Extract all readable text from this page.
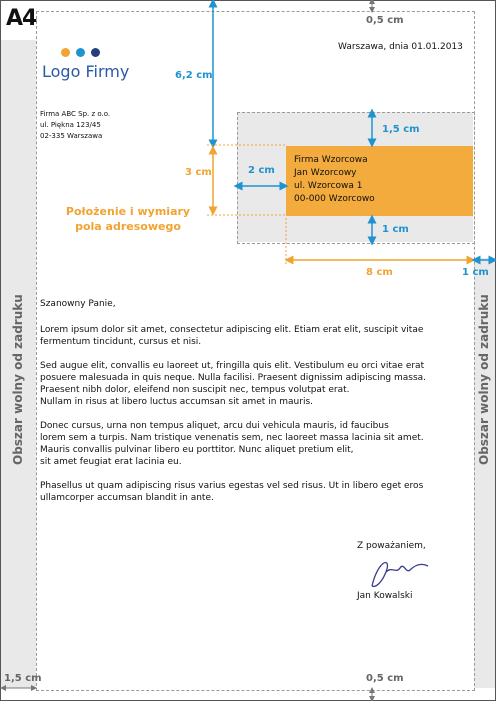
A4
Logo Firmy
Firma ABC Sp. z o.o.
ul. Piękna 123/45
02-335 Warszawa
Warszawa, dnia 01.01.2013
Firma Wzorcowa
Jan Wzorcowy
ul. Wzorcowa 1
00-000 Wzorcowo
Położenie i wymiary
pola adresowego
0,5 cm
6,2 cm
3 cm
1,5 cm
2 cm
1 cm
8 cm	1 cm
0,5 cm
1,5 cm
Obszar wolny od zadruku	Obszar wolny od zadruku

Szanowny Panie,

Lorem ipsum dolor sit amet, consectetur adipiscing elit. Etiam erat elit, suscipit vitae
fermentum tincidunt, cursus et nisi.

Sed augue elit, convallis eu laoreet ut, fringilla quis elit. Vestibulum eu orci vitae erat
posuere malesuada in quis neque. Nulla facilisi. Praesent dignissim adipiscing massa.
Praesent nibh dolor, eleifend non suscipit nec, tempus volutpat erat.
Nullam in risus at libero luctus accumsan sit amet in mauris.

Donec cursus, urna non tempus aliquet, arcu dui vehicula mauris, id faucibus
lorem sem a turpis. Nam tristique venenatis sem, nec laoreet massa lacinia sit amet.
Mauris convallis pulvinar libero eu porttitor. Nunc aliquet pretium elit,
sit amet feugiat erat lacinia eu.

Phasellus ut quam adipiscing risus varius egestas vel sed risus. Ut in libero eget eros
ullamcorper accumsan blandit in ante.

Z poważaniem,
Jan Kowalski
